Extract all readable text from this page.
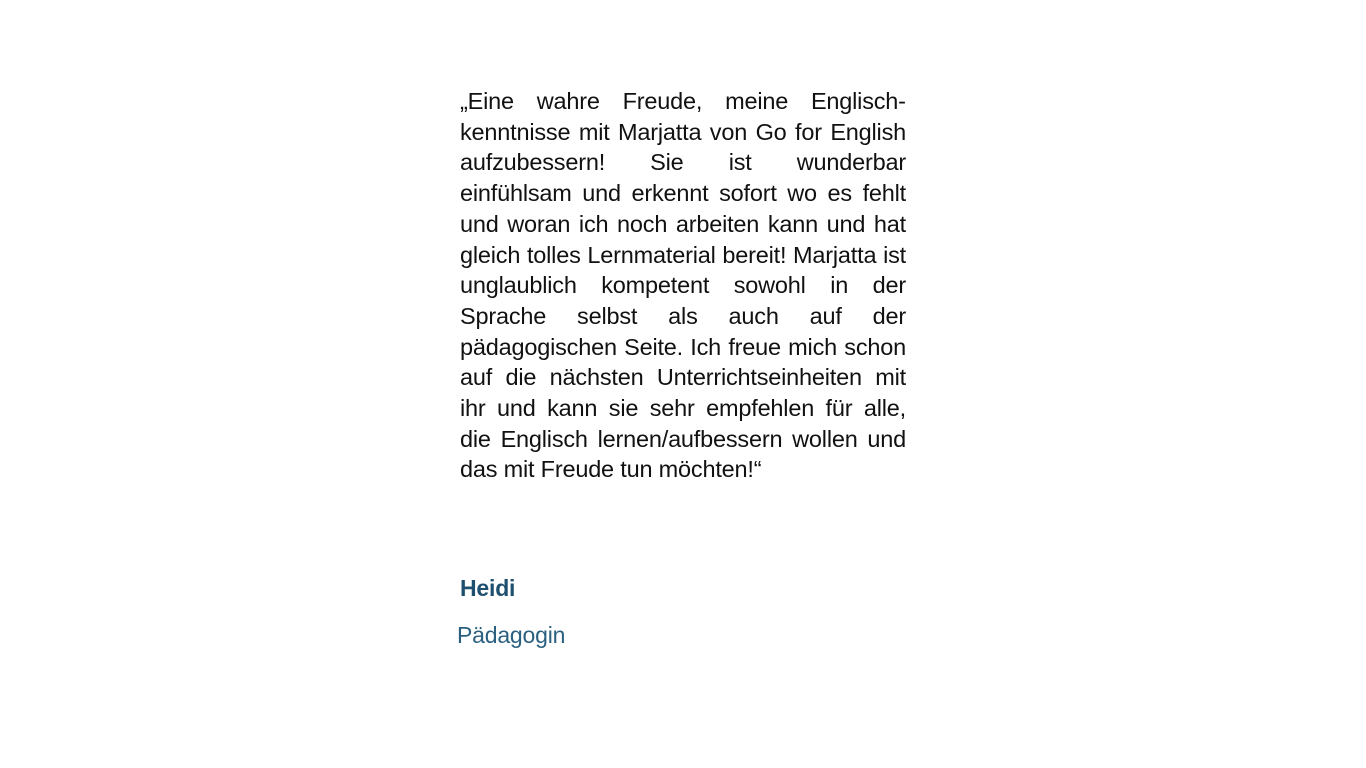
„Eine wahre Freude, meine Englischkenntnisse mit Marjatta von Go for English aufzubessern! Sie ist wunderbar einfühlsam und erkennt sofort wo es fehlt und woran ich noch arbeiten kann und hat gleich tolles Lernmaterial bereit! Marjatta ist unglaublich kompetent sowohl in der Sprache selbst als auch auf der pädagogischen Seite. Ich freue mich schon auf die nächsten Unterrichtseinheiten mit ihr und kann sie sehr empfehlen für alle, die Englisch lernen/aufbessern wollen und das mit Freude tun möchten!“

Heidi
Pädagogin
